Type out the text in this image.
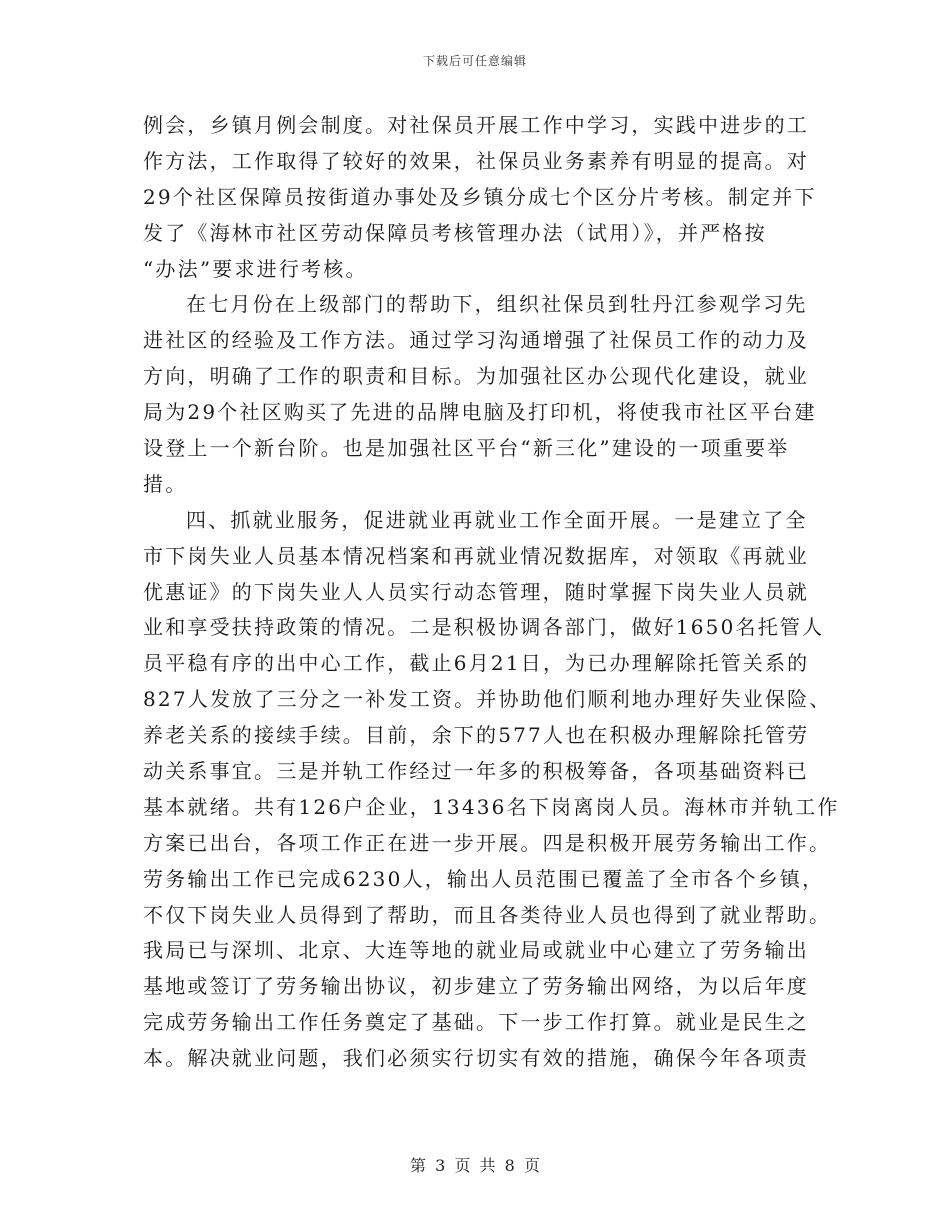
下载后可任意编辑
例会，乡镇月例会制度。对社保员开展工作中学习，实践中进步的工
作方法，工作取得了较好的效果，社保员业务素养有明显的提高。对
29个社区保障员按街道办事处及乡镇分成七个区分片考核。制定并下
发了《海林市社区劳动保障员考核管理办法（试用）》，并严格按
“办法”要求进行考核。
在七月份在上级部门的帮助下，组织社保员到牡丹江参观学习先
进社区的经验及工作方法。通过学习沟通增强了社保员工作的动力及
方向，明确了工作的职责和目标。为加强社区办公现代化建设，就业
局为29个社区购买了先进的品牌电脑及打印机，将使我市社区平台建
设登上一个新台阶。也是加强社区平台“新三化”建设的一项重要举
措。
四、抓就业服务，促进就业再就业工作全面开展。一是建立了全
市下岗失业人员基本情况档案和再就业情况数据库，对领取《再就业
优惠证》的下岗失业人人员实行动态管理，随时掌握下岗失业人员就
业和享受扶持政策的情况。二是积极协调各部门，做好1650名托管人
员平稳有序的出中心工作，截止6月21日，为已办理解除托管关系的
827人发放了三分之一补发工资。并协助他们顺利地办理好失业保险、
养老关系的接续手续。目前，余下的577人也在积极办理解除托管劳
动关系事宜。三是并轨工作经过一年多的积极筹备，各项基础资料已
基本就绪。共有126户企业，13436名下岗离岗人员。海林市并轨工作
方案已出台，各项工作正在进一步开展。四是积极开展劳务输出工作。
劳务输出工作已完成6230人，输出人员范围已覆盖了全市各个乡镇，
不仅下岗失业人员得到了帮助，而且各类待业人员也得到了就业帮助。
我局已与深圳、北京、大连等地的就业局或就业中心建立了劳务输出
基地或签订了劳务输出协议，初步建立了劳务输出网络，为以后年度
完成劳务输出工作任务奠定了基础。下一步工作打算。就业是民生之
本。解决就业问题，我们必须实行切实有效的措施，确保今年各项责
第 3 页 共 8 页
